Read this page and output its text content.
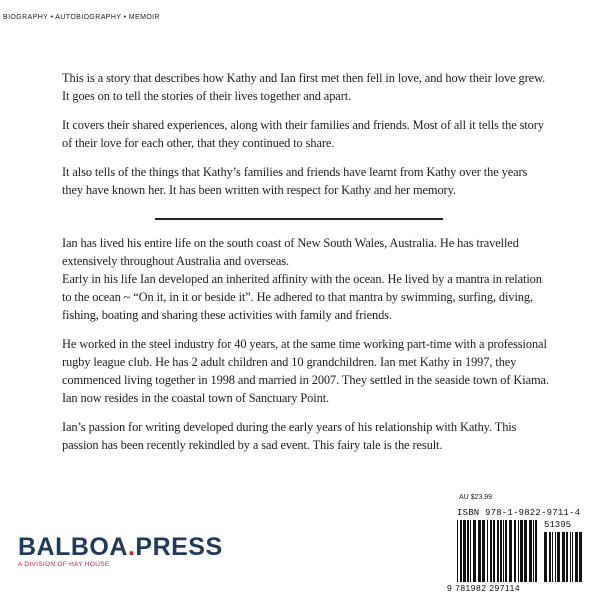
BIOGRAPHY • AUTOBIOGRAPHY • MEMOIR

This is a story that describes how Kathy and Ian first met then fell in love, and how their love grew. It goes on to tell the stories of their lives together and apart.

It covers their shared experiences, along with their families and friends. Most of all it tells the story of their love for each other, that they continued to share.

It also tells of the things that Kathy’s families and friends have learnt from Kathy over the years they have known her. It has been written with respect for Kathy and her memory.

Ian has lived his entire life on the south coast of New South Wales, Australia. He has travelled extensively throughout Australia and overseas.

Early in his life Ian developed an inherited affinity with the ocean. He lived by a mantra in relation to the ocean ~ “On it, in it or beside it”. He adhered to that mantra by swimming, surfing, diving, fishing, boating and sharing these activities with family and friends.

He worked in the steel industry for 40 years, at the same time working part-time with a professional rugby league club. He has 2 adult children and 10 grandchildren. Ian met Kathy in 1997, they commenced living together in 1998 and married in 2007. They settled in the seaside town of Kiama. Ian now resides in the coastal town of Sanctuary Point.

Ian’s passion for writing developed during the early years of his relationship with Kathy. This passion has been recently rekindled by a sad event. This fairy tale is the result.

BALBOA.PRESS
A DIVISION OF HAY HOUSE
AU $23.99
ISBN 978-1-9822-9711-4
51395
9 781982 297114
